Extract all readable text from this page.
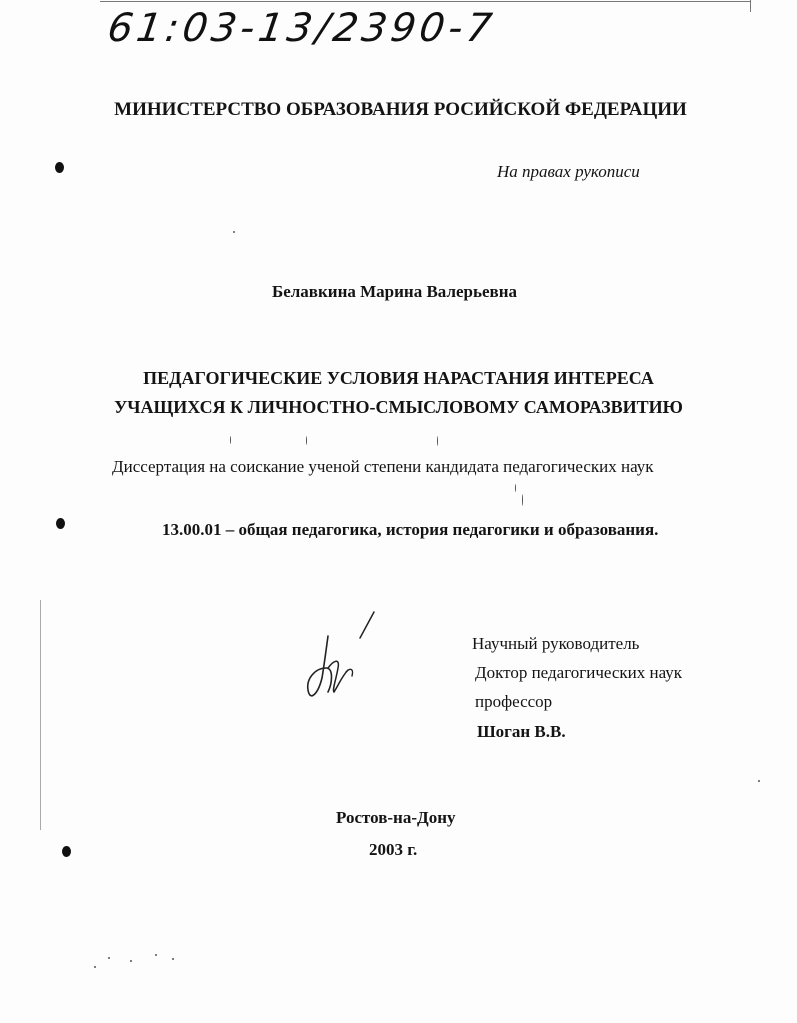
61:03-13/2390-7
МИНИСТЕРСТВО ОБРАЗОВАНИЯ РОСИЙСКОЙ ФЕДЕРАЦИИ
На правах рукописи
Белавкина Марина Валерьевна
ПЕДАГОГИЧЕСКИЕ УСЛОВИЯ НАРАСТАНИЯ ИНТЕРЕСА
УЧАЩИХСЯ К ЛИЧНОСТНО-СМЫСЛОВОМУ САМОРАЗВИТИЮ
Диссертация на соискание ученой степени кандидата педагогических наук
13.00.01 – общая педагогика, история педагогики и образования.
Научный руководитель
Доктор педагогических наук
профессор
Шоган В.В.
Ростов-на-Дону
2003 г.
